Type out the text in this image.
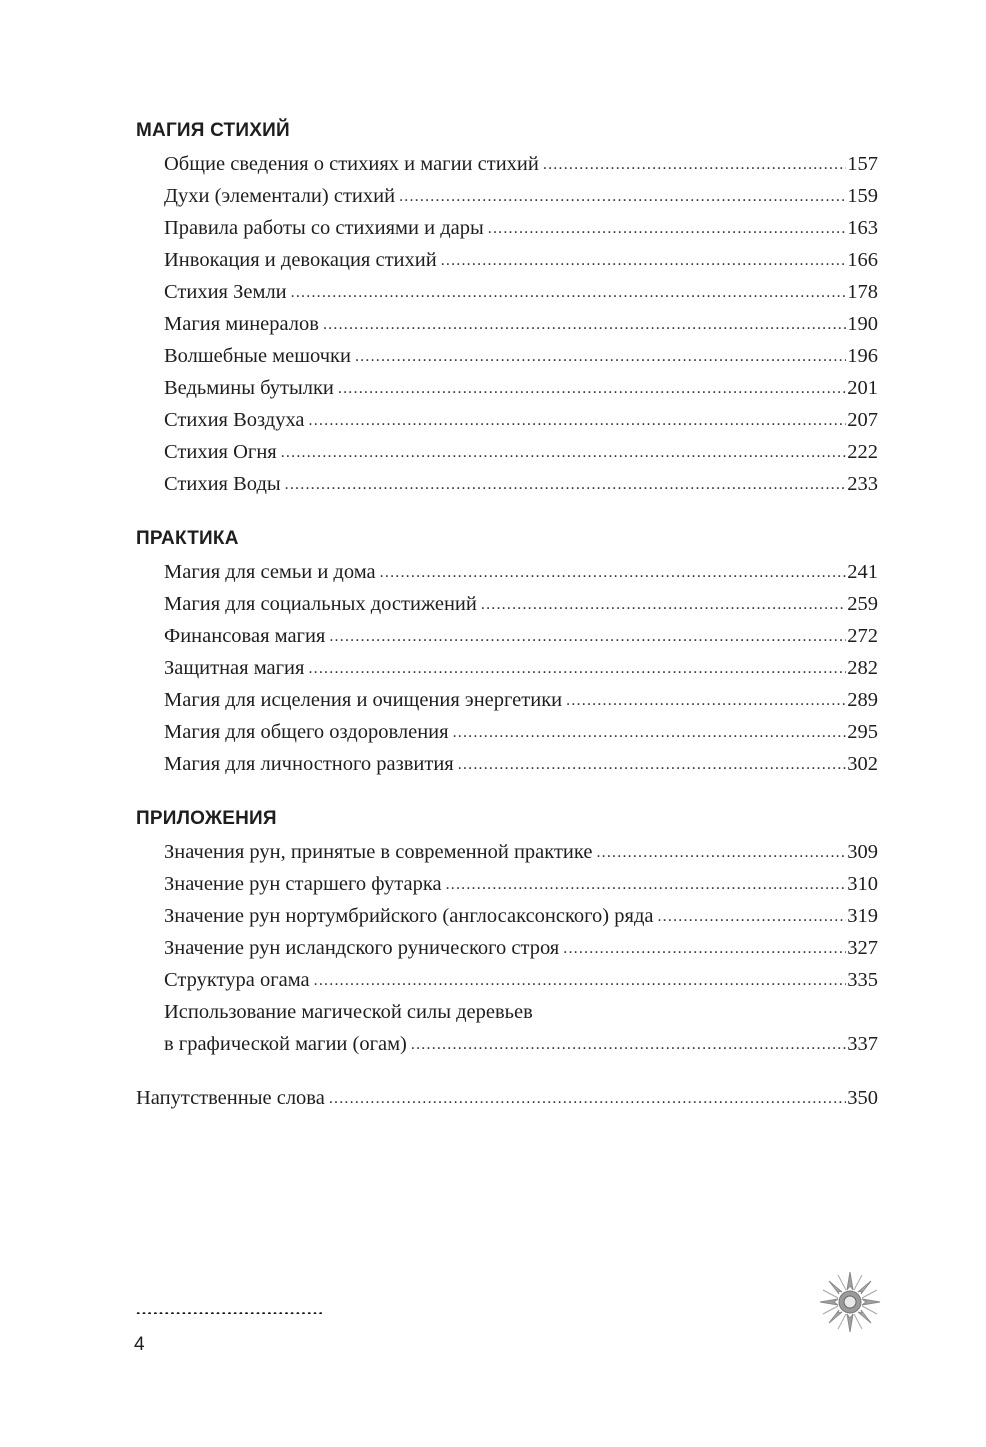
МАГИЯ СТИХИЙ
Общие сведения о стихиях и магии стихий .....	157
Духи (элементали) стихий .....	159
Правила работы со стихиями и дары .....	163
Инвокация и девокация стихий .....	166
Стихия Земли .....	178
Магия минералов .....	190
Волшебные мешочки .....	196
Ведьмины бутылки .....	201
Стихия Воздуха .....	207
Стихия Огня .....	222
Стихия Воды .....	233
ПРАКТИКА
Магия для семьи и дома .....	241
Магия для социальных достижений .....	259
Финансовая магия .....	272
Защитная магия .....	282
Магия для исцеления и очищения энергетики .....	289
Магия для общего оздоровления .....	295
Магия для личностного развития .....	302
ПРИЛОЖЕНИЯ
Значения рун, принятые в современной практике .....	309
Значение рун старшего футарка .....	310
Значение рун нортумбрийского (англосаксонского) ряда .....	319
Значение рун исландского рунического строя .....	327
Структура огама .....	335
Использование магической силы деревьев
в графической магии (огам) .....	337
Напутственные слова .....	350
.....
4
